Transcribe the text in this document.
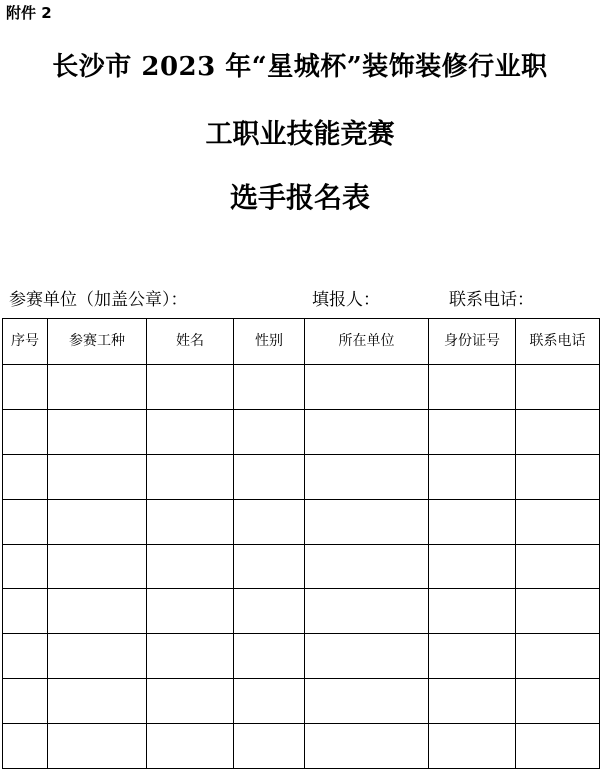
附件 2
长沙市 2023 年“星城杯”装饰装修行业职
工职业技能竞赛
选手报名表
参赛单位（加盖公章）：	填报人：	联系电话：
序号	参赛工种	姓名	性别	所在单位	身份证号	联系电话
